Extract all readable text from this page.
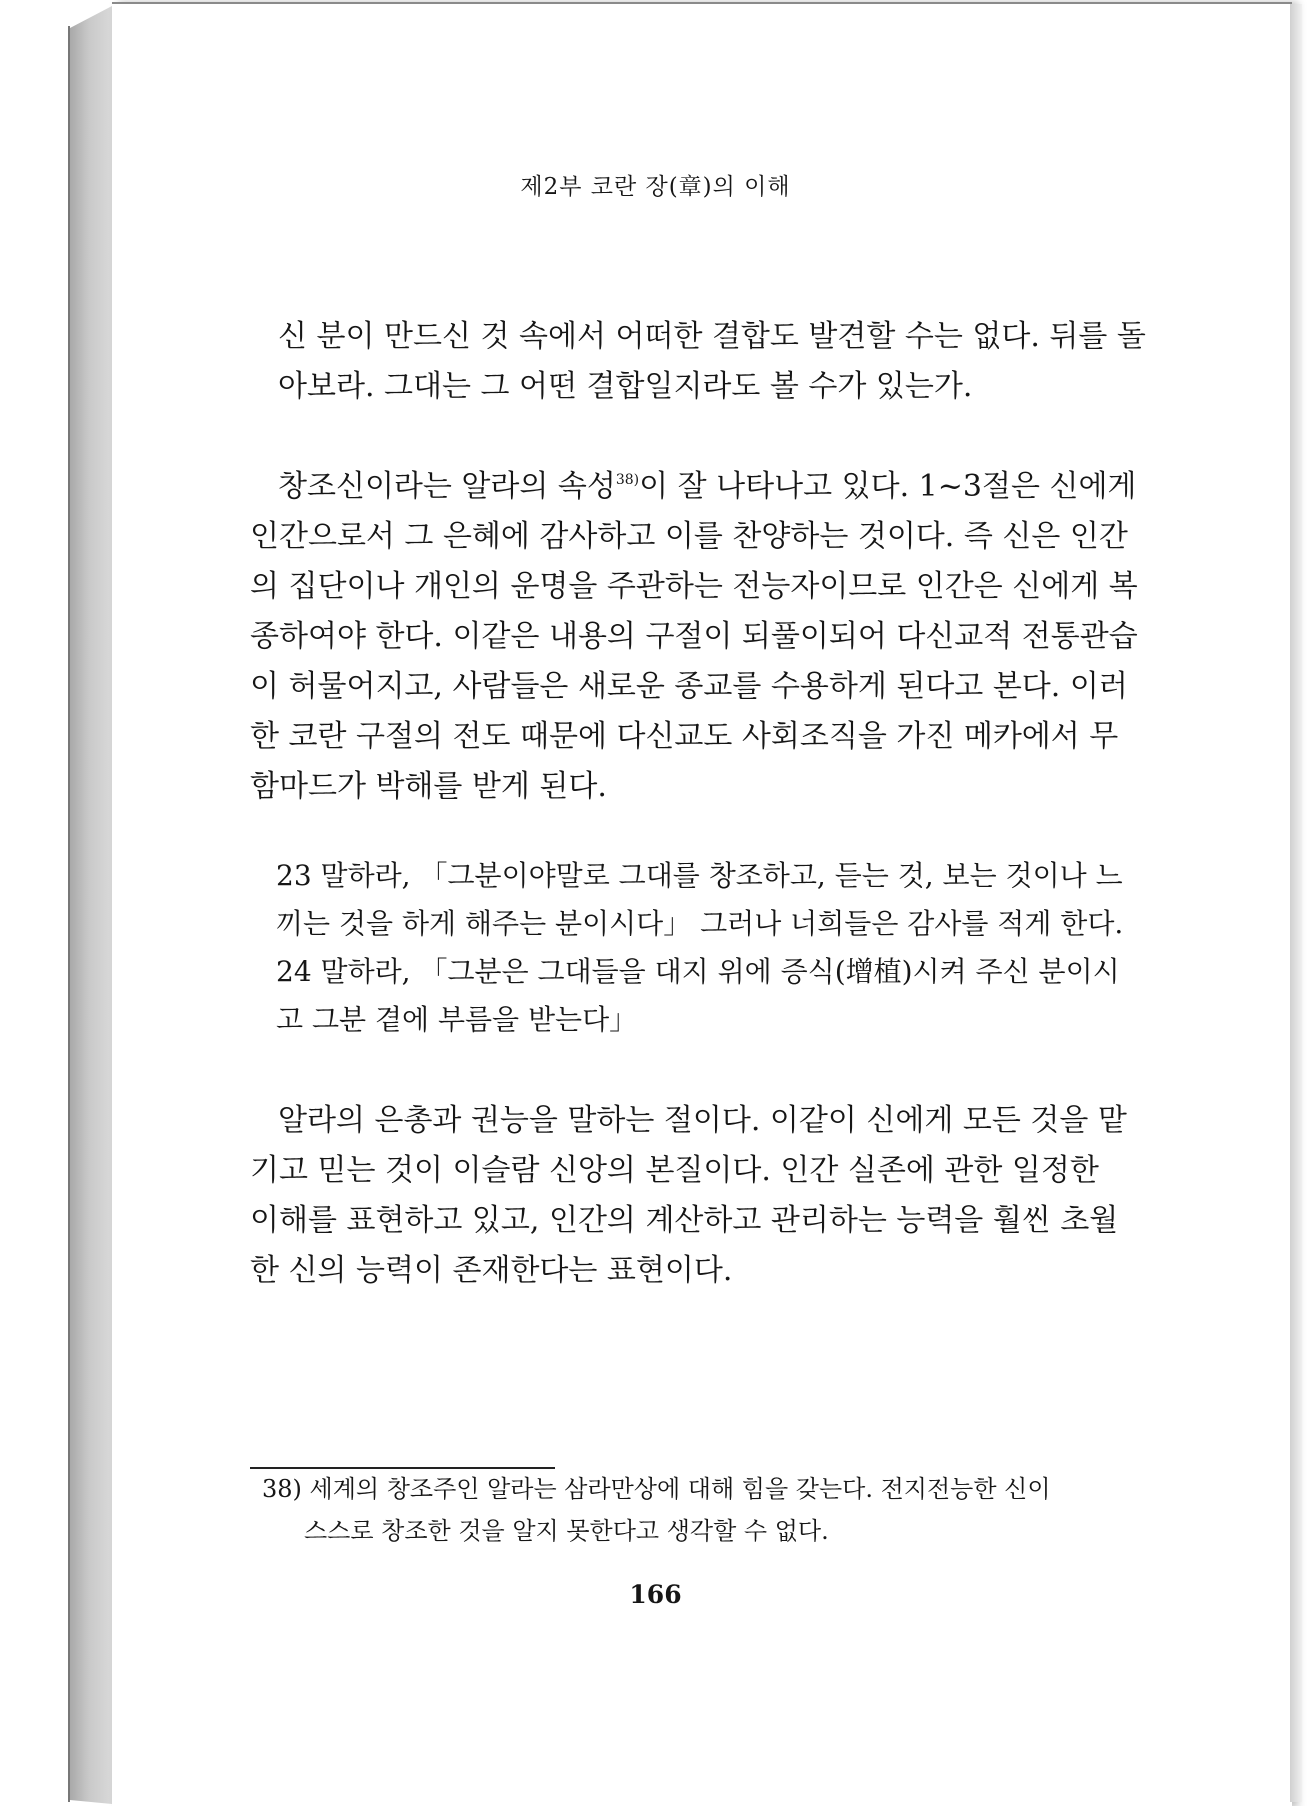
제2부 코란 장(章)의 이해
신 분이 만드신 것 속에서 어떠한 결합도 발견할 수는 없다. 뒤를 돌
아보라. 그대는 그 어떤 결합일지라도 볼 수가 있는가.
창조신이라는 알라의 속성$^{38)}$이 잘 나타나고 있다. 1~3절은 신에게
인간으로서 그 은혜에 감사하고 이를 찬양하는 것이다. 즉 신은 인간
의 집단이나 개인의 운명을 주관하는 전능자이므로 인간은 신에게 복
종하여야 한다. 이같은 내용의 구절이 되풀이되어 다신교적 전통관습
이 허물어지고, 사람들은 새로운 종교를 수용하게 된다고 본다. 이러
한 코란 구절의 전도 때문에 다신교도 사회조직을 가진 메카에서 무
함마드가 박해를 받게 된다.
23 말하라, 「그분이야말로 그대를 창조하고, 듣는 것, 보는 것이나 느
끼는 것을 하게 해주는 분이시다」 그러나 너희들은 감사를 적게 한다.
24 말하라, 「그분은 그대들을 대지 위에 증식(增植)시켜 주신 분이시
고 그분 곁에 부름을 받는다」
알라의 은총과 권능을 말하는 절이다. 이같이 신에게 모든 것을 맡
기고 믿는 것이 이슬람 신앙의 본질이다. 인간 실존에 관한 일정한
이해를 표현하고 있고, 인간의 계산하고 관리하는 능력을 훨씬 초월
한 신의 능력이 존재한다는 표현이다.
38) 세계의 창조주인 알라는 삼라만상에 대해 힘을 갖는다. 전지전능한 신이
스스로 창조한 것을 알지 못한다고 생각할 수 없다.
166
